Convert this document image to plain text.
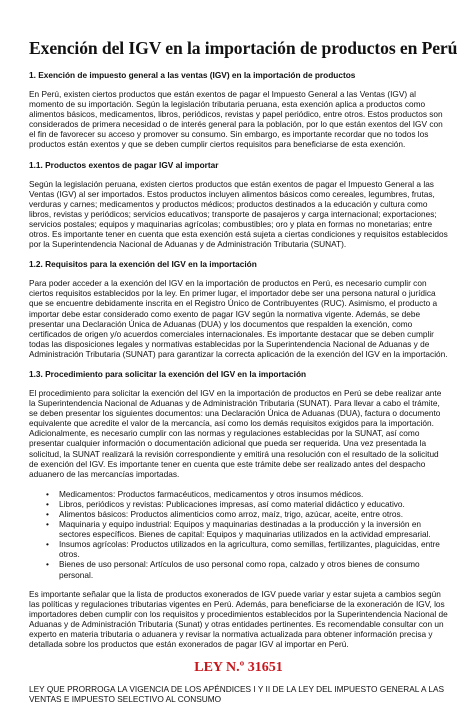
Exención del IGV en la importación de productos en Perú
1. Exención de impuesto general a las ventas (IGV) en la importación de productos

En Perú, existen ciertos productos que están exentos de pagar el Impuesto General a las Ventas (IGV) al momento de su importación. Según la legislación tributaria peruana, esta exención aplica a productos como alimentos básicos, medicamentos, libros, periódicos, revistas y papel periódico, entre otros. Estos productos son considerados de primera necesidad o de interés general para la población, por lo que están exentos del IGV con el fin de favorecer su acceso y promover su consumo. Sin embargo, es importante recordar que no todos los productos están exentos y que se deben cumplir ciertos requisitos para beneficiarse de esta exención.

1.1. Productos exentos de pagar IGV al importar

Según la legislación peruana, existen ciertos productos que están exentos de pagar el Impuesto General a las Ventas (IGV) al ser importados. Estos productos incluyen alimentos básicos como cereales, legumbres, frutas, verduras y carnes; medicamentos y productos médicos; productos destinados a la educación y cultura como libros, revistas y periódicos; servicios educativos; transporte de pasajeros y carga internacional; exportaciones; servicios postales; equipos y maquinarias agrícolas; combustibles; oro y plata en formas no monetarias; entre otros. Es importante tener en cuenta que esta exención está sujeta a ciertas condiciones y requisitos establecidos por la Superintendencia Nacional de Aduanas y de Administración Tributaria (SUNAT).

1.2. Requisitos para la exención del IGV en la importación

Para poder acceder a la exención del IGV en la importación de productos en Perú, es necesario cumplir con ciertos requisitos establecidos por la ley. En primer lugar, el importador debe ser una persona natural o jurídica que se encuentre debidamente inscrita en el Registro Único de Contribuyentes (RUC). Asimismo, el producto a importar debe estar considerado como exento de pagar IGV según la normativa vigente. Además, se debe presentar una Declaración Única de Aduanas (DUA) y los documentos que respalden la exención, como certificados de origen y/o acuerdos comerciales internacionales. Es importante destacar que se deben cumplir todas las disposiciones legales y normativas establecidas por la Superintendencia Nacional de Aduanas y de Administración Tributaria (SUNAT) para garantizar la correcta aplicación de la exención del IGV en la importación.

1.3. Procedimiento para solicitar la exención del IGV en la importación

El procedimiento para solicitar la exención del IGV en la importación de productos en Perú se debe realizar ante la Superintendencia Nacional de Aduanas y de Administración Tributaria (SUNAT). Para llevar a cabo el trámite, se deben presentar los siguientes documentos: una Declaración Única de Aduanas (DUA), factura o documento equivalente que acredite el valor de la mercancía, así como los demás requisitos exigidos para la importación. Adicionalmente, es necesario cumplir con las normas y regulaciones establecidas por la SUNAT, así como presentar cualquier información o documentación adicional que pueda ser requerida. Una vez presentada la solicitud, la SUNAT realizará la revisión correspondiente y emitirá una resolución con el resultado de la solicitud de exención del IGV. Es importante tener en cuenta que este trámite debe ser realizado antes del despacho aduanero de las mercancías importadas.

• Medicamentos: Productos farmacéuticos, medicamentos y otros insumos médicos.
• Libros, periódicos y revistas: Publicaciones impresas, así como material didáctico y educativo.
• Alimentos básicos: Productos alimenticios como arroz, maíz, trigo, azúcar, aceite, entre otros.
• Maquinaria y equipo industrial: Equipos y maquinarias destinadas a la producción y la inversión en sectores específicos. Bienes de capital: Equipos y maquinarias utilizados en la actividad empresarial.
• Insumos agrícolas: Productos utilizados en la agricultura, como semillas, fertilizantes, plaguicidas, entre otros.
• Bienes de uso personal: Artículos de uso personal como ropa, calzado y otros bienes de consumo personal.

Es importante señalar que la lista de productos exonerados de IGV puede variar y estar sujeta a cambios según las políticas y regulaciones tributarias vigentes en Perú. Además, para beneficiarse de la exoneración de IGV, los importadores deben cumplir con los requisitos y procedimientos establecidos por la Superintendencia Nacional de Aduanas y de Administración Tributaria (Sunat) y otras entidades pertinentes. Es recomendable consultar con un experto en materia tributaria o aduanera y revisar la normativa actualizada para obtener información precisa y detallada sobre los productos que están exonerados de pagar IGV al importar en Perú.

LEY N.º 31651

LEY QUE PRORROGA LA VIGENCIA DE LOS APÉNDICES I Y II DE LA LEY DEL IMPUESTO GENERAL A LAS VENTAS E IMPUESTO SELECTIVO AL CONSUMO
